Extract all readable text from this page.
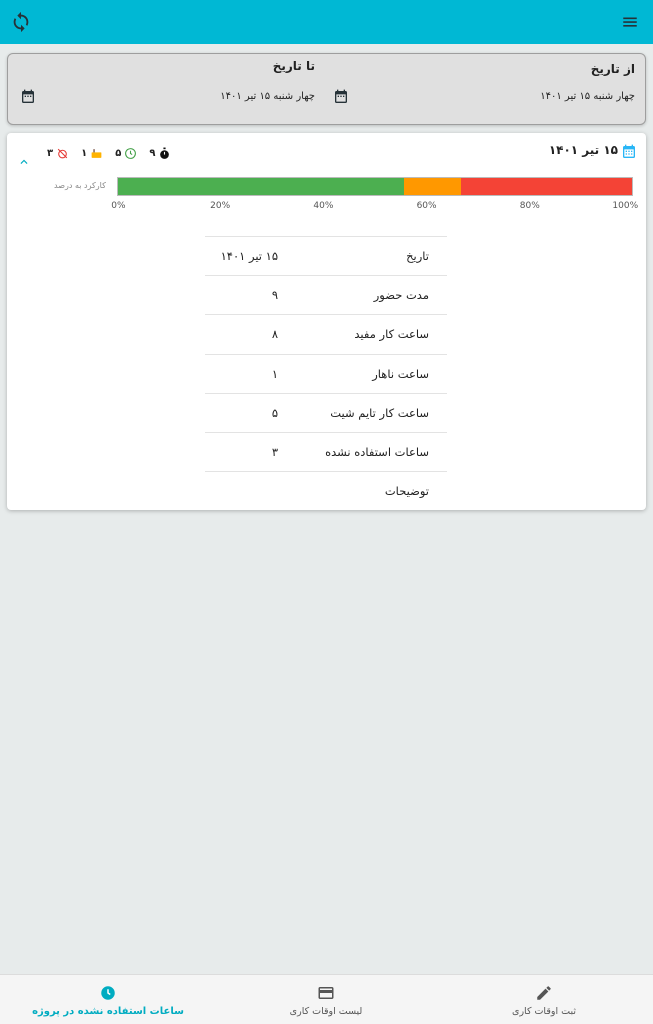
از تاریخ
چهار شنبه ۱۵ تیر ۱۴۰۱
تا تاریخ
چهار شنبه ۱۵ تیر ۱۴۰۱
۱۵ تیر ۱۴۰۱
۳	۱	۵	۹
کارکرد به درصد
0%	20%	40%	60%	80%	100%
تاریخ	۱۵ تیر ۱۴۰۱
مدت حضور	۹
ساعت کار مفید	۸
ساعت ناهار	۱
ساعت کار تایم شیت	۵
ساعات استفاده نشده	۳
توضیحات	
ثبت اوقات کاری
لیست اوقات کاری
ساعات استفاده نشده در پروژه
